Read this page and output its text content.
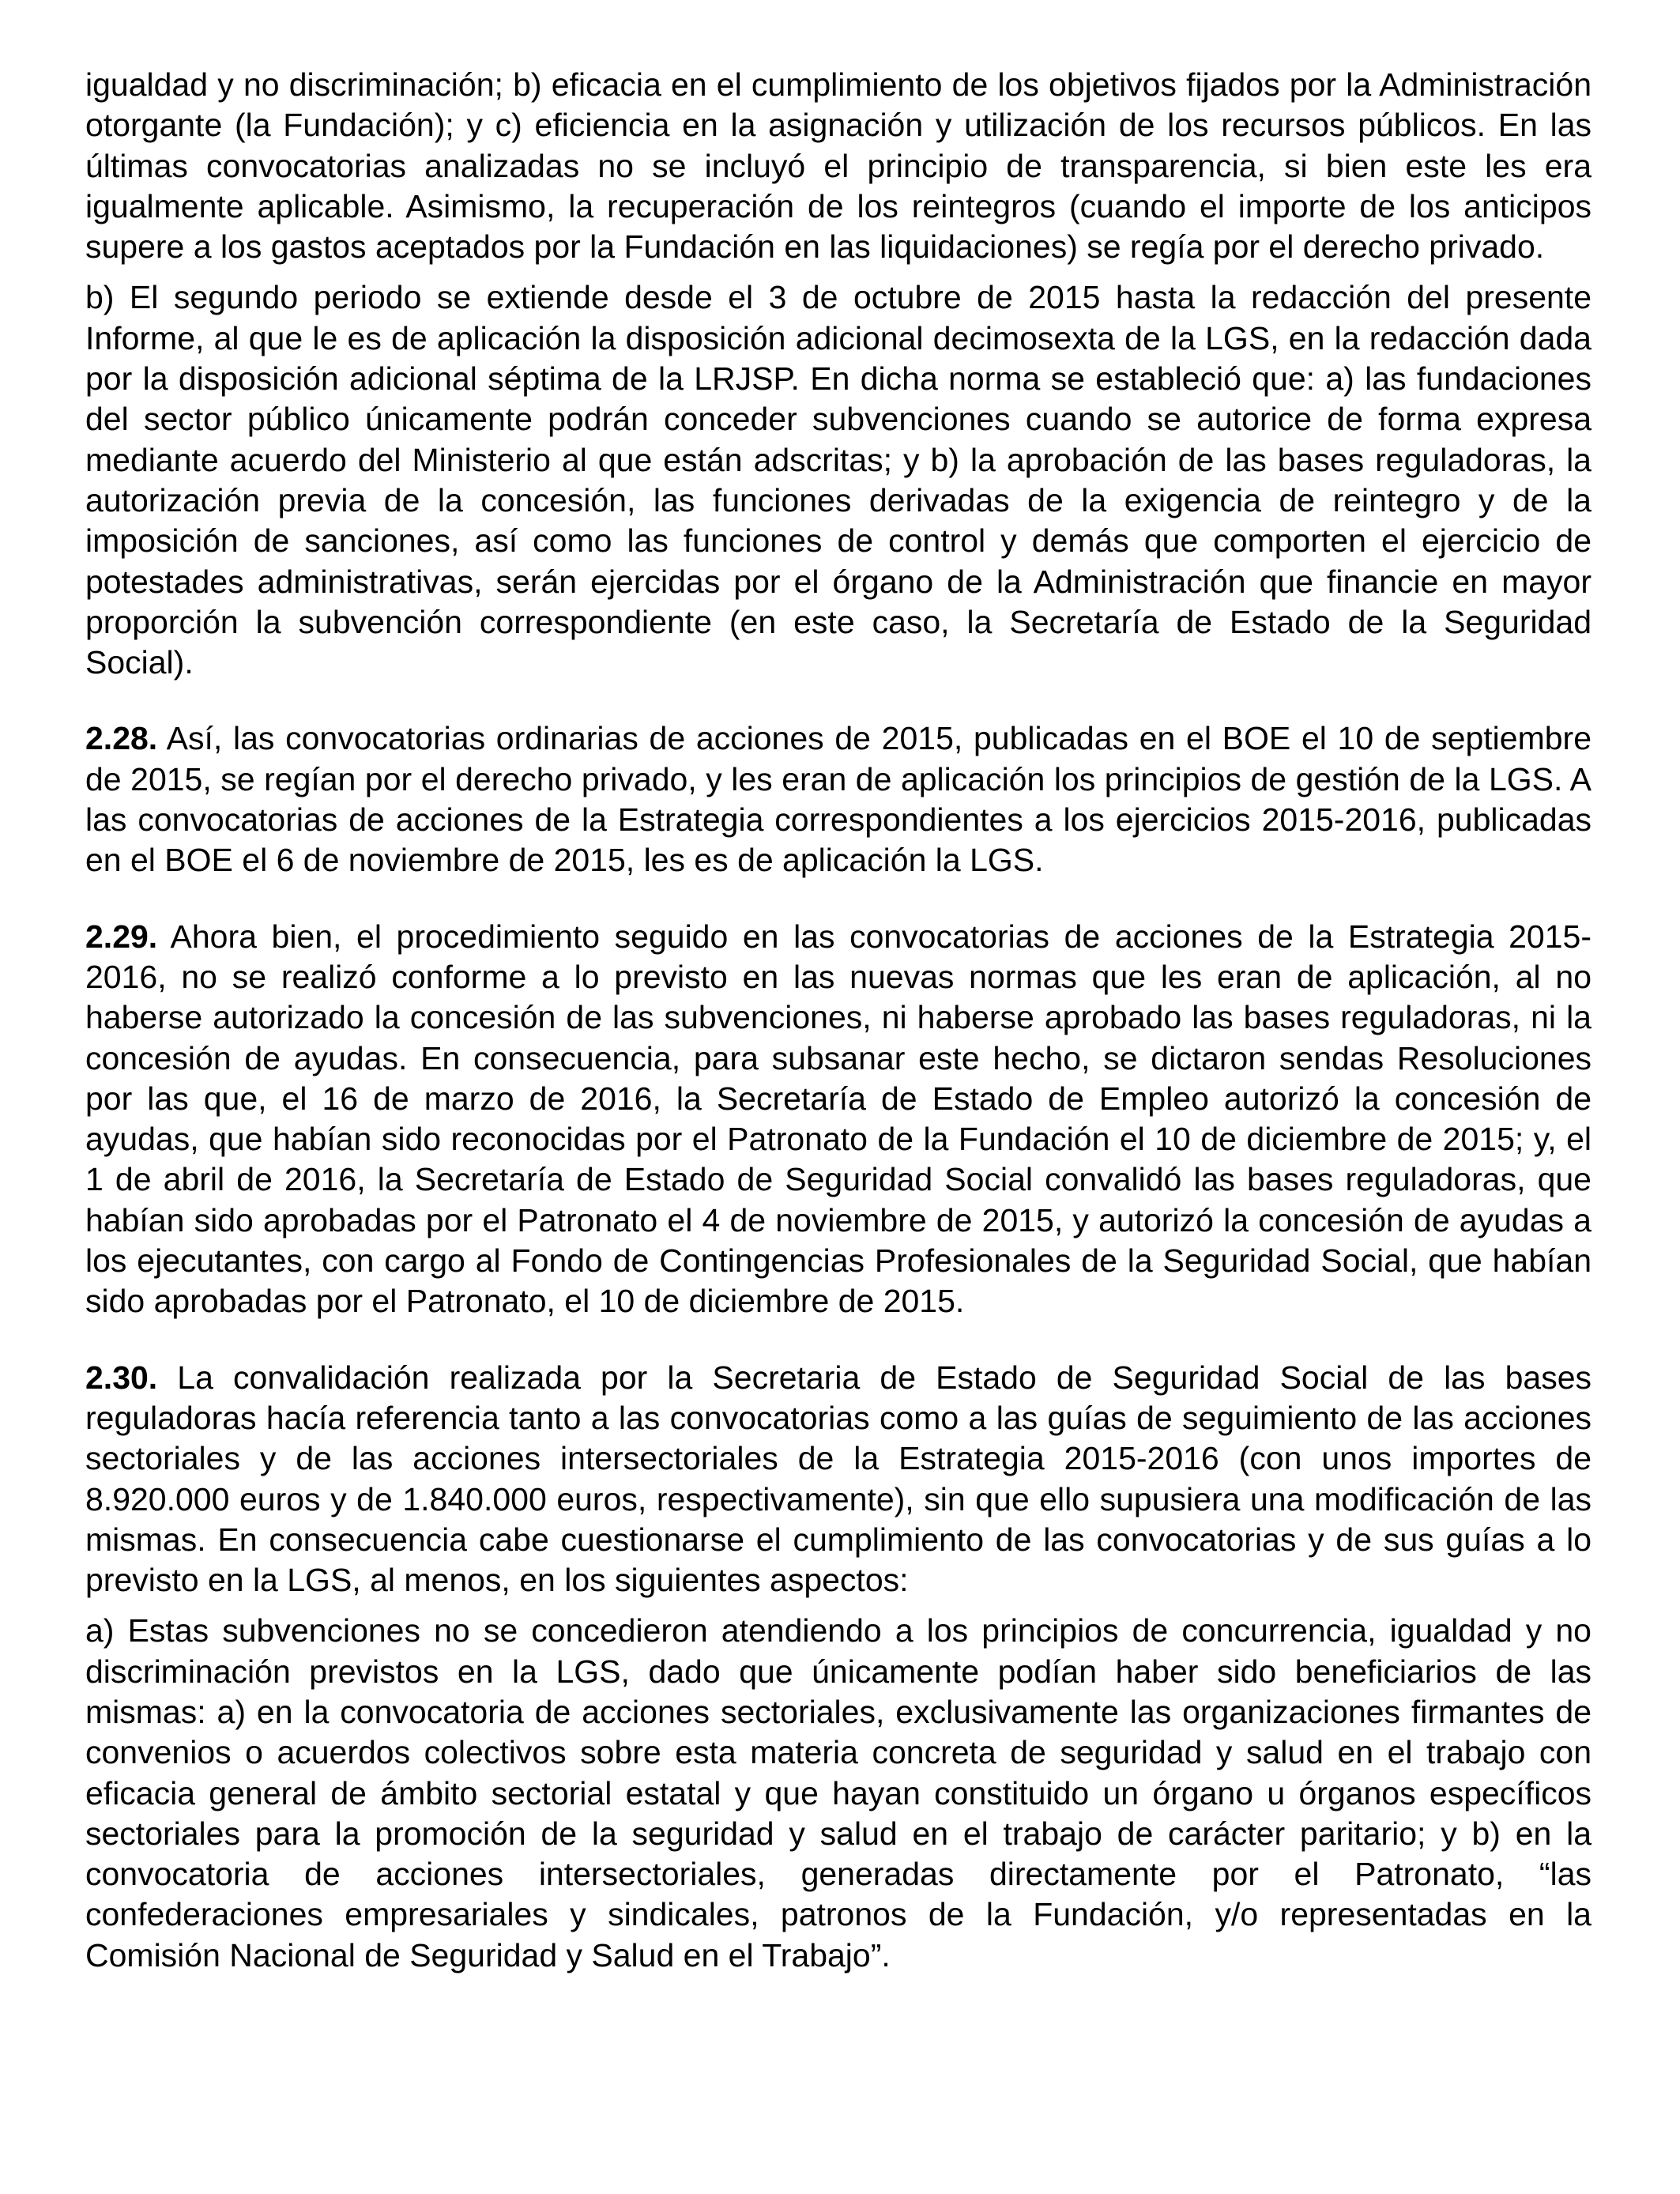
igualdad y no discriminación; b) eficacia en el cumplimiento de los objetivos fijados por la Administración otorgante (la Fundación); y c) eficiencia en la asignación y utilización de los recursos públicos. En las últimas convocatorias analizadas no se incluyó el principio de transparencia, si bien este les era igualmente aplicable. Asimismo, la recuperación de los reintegros (cuando el importe de los anticipos supere a los gastos aceptados por la Fundación en las liquidaciones) se regía por el derecho privado.

b) El segundo periodo se extiende desde el 3 de octubre de 2015 hasta la redacción del presente Informe, al que le es de aplicación la disposición adicional decimosexta de la LGS, en la redacción dada por la disposición adicional séptima de la LRJSP. En dicha norma se estableció que: a) las fundaciones del sector público únicamente podrán conceder subvenciones cuando se autorice de forma expresa mediante acuerdo del Ministerio al que están adscritas; y b) la aprobación de las bases reguladoras, la autorización previa de la concesión, las funciones derivadas de la exigencia de reintegro y de la imposición de sanciones, así como las funciones de control y demás que comporten el ejercicio de potestades administrativas, serán ejercidas por el órgano de la Administración que financie en mayor proporción la subvención correspondiente (en este caso, la Secretaría de Estado de la Seguridad Social).

2.28. Así, las convocatorias ordinarias de acciones de 2015, publicadas en el BOE el 10 de septiembre de 2015, se regían por el derecho privado, y les eran de aplicación los principios de gestión de la LGS. A las convocatorias de acciones de la Estrategia correspondientes a los ejercicios 2015-2016, publicadas en el BOE el 6 de noviembre de 2015, les es de aplicación la LGS.

2.29. Ahora bien, el procedimiento seguido en las convocatorias de acciones de la Estrategia 2015-2016, no se realizó conforme a lo previsto en las nuevas normas que les eran de aplicación, al no haberse autorizado la concesión de las subvenciones, ni haberse aprobado las bases reguladoras, ni la concesión de ayudas. En consecuencia, para subsanar este hecho, se dictaron sendas Resoluciones por las que, el 16 de marzo de 2016, la Secretaría de Estado de Empleo autorizó la concesión de ayudas, que habían sido reconocidas por el Patronato de la Fundación el 10 de diciembre de 2015; y, el 1 de abril de 2016, la Secretaría de Estado de Seguridad Social convalidó las bases reguladoras, que habían sido aprobadas por el Patronato el 4 de noviembre de 2015, y autorizó la concesión de ayudas a los ejecutantes, con cargo al Fondo de Contingencias Profesionales de la Seguridad Social, que habían sido aprobadas por el Patronato, el 10 de diciembre de 2015.

2.30. La convalidación realizada por la Secretaria de Estado de Seguridad Social de las bases reguladoras hacía referencia tanto a las convocatorias como a las guías de seguimiento de las acciones sectoriales y de las acciones intersectoriales de la Estrategia 2015-2016 (con unos importes de 8.920.000 euros y de 1.840.000 euros, respectivamente), sin que ello supusiera una modificación de las mismas. En consecuencia cabe cuestionarse el cumplimiento de las convocatorias y de sus guías a lo previsto en la LGS, al menos, en los siguientes aspectos:

a) Estas subvenciones no se concedieron atendiendo a los principios de concurrencia, igualdad y no discriminación previstos en la LGS, dado que únicamente podían haber sido beneficiarios de las mismas: a) en la convocatoria de acciones sectoriales, exclusivamente las organizaciones firmantes de convenios o acuerdos colectivos sobre esta materia concreta de seguridad y salud en el trabajo con eficacia general de ámbito sectorial estatal y que hayan constituido un órgano u órganos específicos sectoriales para la promoción de la seguridad y salud en el trabajo de carácter paritario; y b) en la convocatoria de acciones intersectoriales, generadas directamente por el Patronato, “las confederaciones empresariales y sindicales, patronos de la Fundación, y/o representadas en la Comisión Nacional de Seguridad y Salud en el Trabajo”.
